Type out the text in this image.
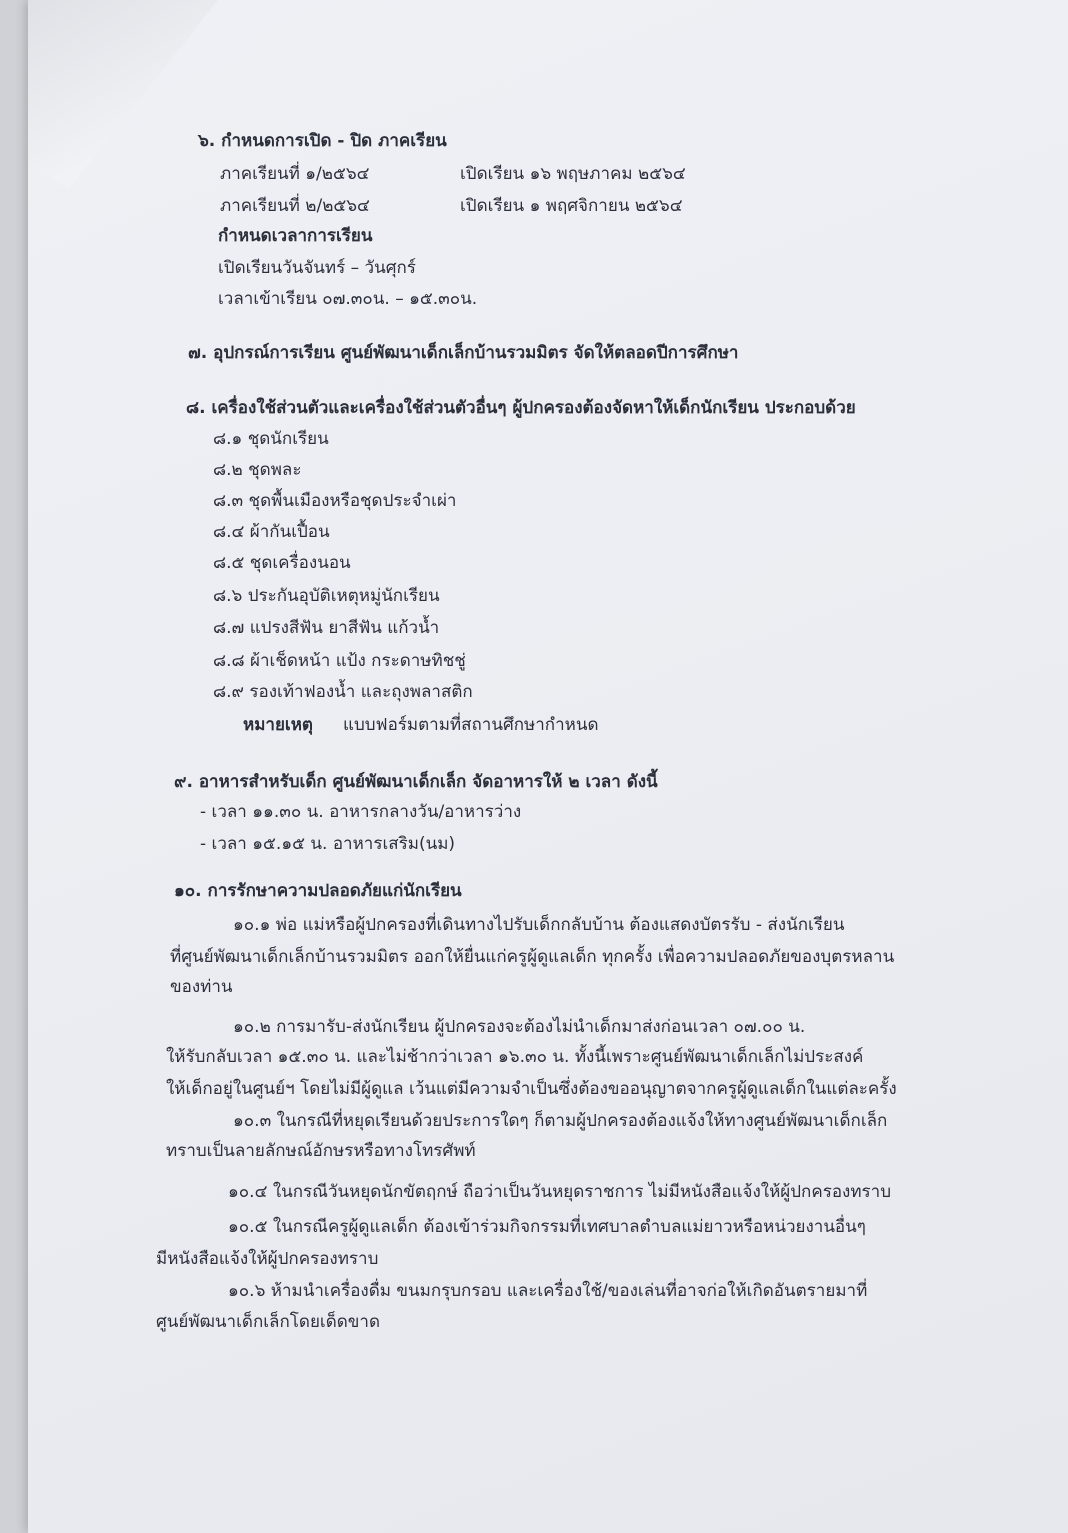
๖. กำหนดการเปิด - ปิด ภาคเรียน
ภาคเรียนที่ ๑/๒๕๖๔	เปิดเรียน ๑๖ พฤษภาคม ๒๕๖๔
ภาคเรียนที่ ๒/๒๕๖๔	เปิดเรียน ๑ พฤศจิกายน ๒๕๖๔
กำหนดเวลาการเรียน
เปิดเรียนวันจันทร์ – วันศุกร์
เวลาเข้าเรียน ๐๗.๓๐น. – ๑๕.๓๐น.
๗. อุปกรณ์การเรียน ศูนย์พัฒนาเด็กเล็กบ้านรวมมิตร จัดให้ตลอดปีการศึกษา
๘. เครื่องใช้ส่วนตัวและเครื่องใช้ส่วนตัวอื่นๆ ผู้ปกครองต้องจัดหาให้เด็กนักเรียน ประกอบด้วย
๘.๑ ชุดนักเรียน
๘.๒ ชุดพละ
๘.๓ ชุดพื้นเมืองหรือชุดประจำเผ่า
๘.๔ ผ้ากันเปื้อน
๘.๕ ชุดเครื่องนอน
๘.๖ ประกันอุบัติเหตุหมู่นักเรียน
๘.๗ แปรงสีฟัน ยาสีฟัน แก้วน้ำ
๘.๘ ผ้าเช็ดหน้า แป้ง กระดาษทิชชู่
๘.๙ รองเท้าฟองน้ำ และถุงพลาสติก
หมายเหตุ แบบฟอร์มตามที่สถานศึกษากำหนด
๙. อาหารสำหรับเด็ก ศูนย์พัฒนาเด็กเล็ก จัดอาหารให้ ๒ เวลา ดังนี้
- เวลา ๑๑.๓๐ น. อาหารกลางวัน/อาหารว่าง
- เวลา ๑๕.๑๕ น. อาหารเสริม(นม)
๑๐. การรักษาความปลอดภัยแก่นักเรียน
๑๐.๑ พ่อ แม่หรือผู้ปกครองที่เดินทางไปรับเด็กกลับบ้าน ต้องแสดงบัตรรับ - ส่งนักเรียน
ที่ศูนย์พัฒนาเด็กเล็กบ้านรวมมิตร ออกให้ยื่นแก่ครูผู้ดูแลเด็ก ทุกครั้ง เพื่อความปลอดภัยของบุตรหลาน
ของท่าน
๑๐.๒ การมารับ-ส่งนักเรียน ผู้ปกครองจะต้องไม่นำเด็กมาส่งก่อนเวลา ๐๗.๐๐ น.
ให้รับกลับเวลา ๑๕.๓๐ น. และไม่ช้ากว่าเวลา ๑๖.๓๐ น. ทั้งนี้เพราะศูนย์พัฒนาเด็กเล็กไม่ประสงค์
ให้เด็กอยู่ในศูนย์ฯ โดยไม่มีผู้ดูแล เว้นแต่มีความจำเป็นซึ่งต้องขออนุญาตจากครูผู้ดูแลเด็กในแต่ละครั้ง
๑๐.๓ ในกรณีที่หยุดเรียนด้วยประการใดๆ ก็ตามผู้ปกครองต้องแจ้งให้ทางศูนย์พัฒนาเด็กเล็ก
ทราบเป็นลายลักษณ์อักษรหรือทางโทรศัพท์
๑๐.๔ ในกรณีวันหยุดนักขัตฤกษ์ ถือว่าเป็นวันหยุดราชการ ไม่มีหนังสือแจ้งให้ผู้ปกครองทราบ
๑๐.๕ ในกรณีครูผู้ดูแลเด็ก ต้องเข้าร่วมกิจกรรมที่เทศบาลตำบลแม่ยาวหรือหน่วยงานอื่นๆ
มีหนังสือแจ้งให้ผู้ปกครองทราบ
๑๐.๖ ห้ามนำเครื่องดื่ม ขนมกรุบกรอบ และเครื่องใช้/ของเล่นที่อาจก่อให้เกิดอันตรายมาที่
ศูนย์พัฒนาเด็กเล็กโดยเด็ดขาด
